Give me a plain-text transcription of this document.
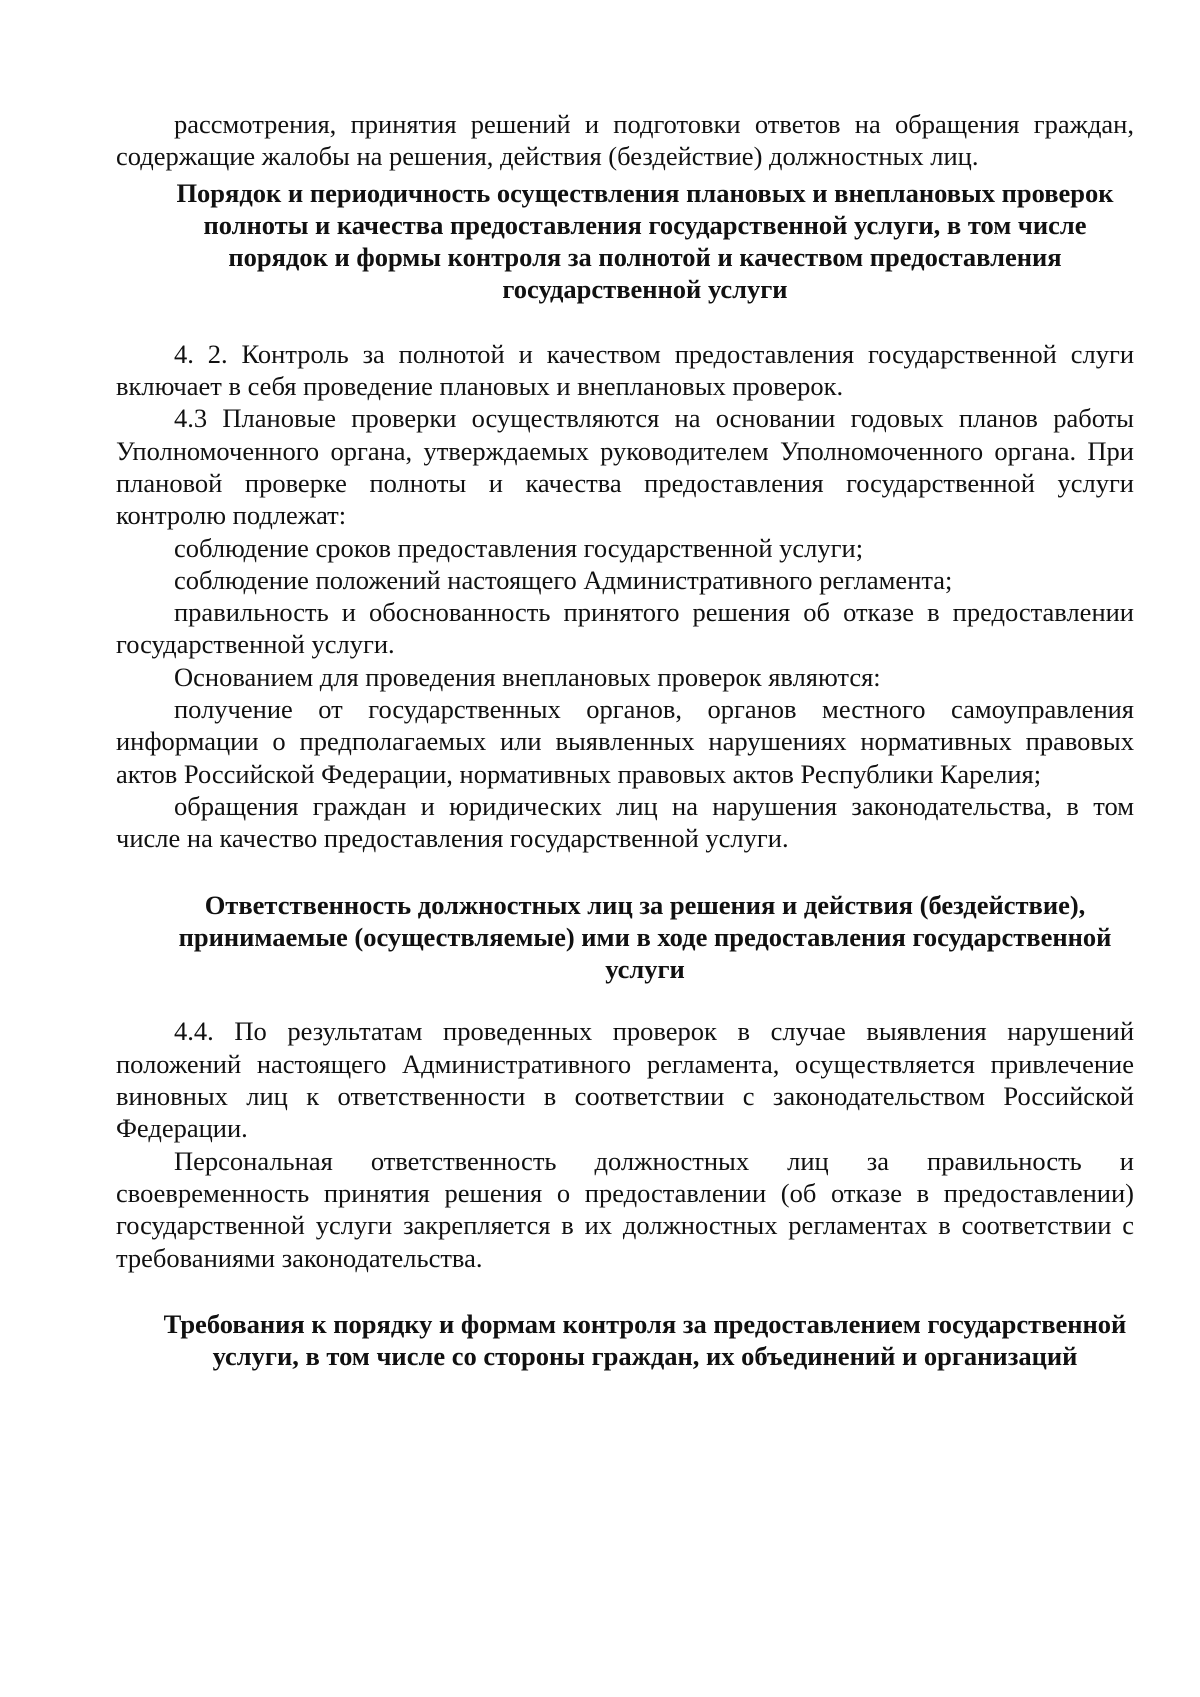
рассмотрения, принятия решений и подготовки ответов на обращения граждан, содержащие жалобы на решения, действия (бездействие) должностных лиц.

Порядок и периодичность осуществления плановых и внеплановых проверок полноты и качества предоставления государственной услуги, в том числе порядок и формы контроля за полнотой и качеством предоставления государственной услуги

4. 2. Контроль за полнотой и качеством предоставления государственной слуги включает в себя проведение плановых и внеплановых проверок.

4.3 Плановые проверки осуществляются на основании годовых планов работы Уполномоченного органа, утверждаемых руководителем Уполномоченного органа. При плановой проверке полноты и качества предоставления государственной услуги контролю подлежат:

соблюдение сроков предоставления государственной услуги;

соблюдение положений настоящего Административного регламента;

правильность и обоснованность принятого решения об отказе в предоставлении государственной услуги.

Основанием для проведения внеплановых проверок являются:

получение от государственных органов, органов местного самоуправления информации о предполагаемых или выявленных нарушениях нормативных правовых актов Российской Федерации, нормативных правовых актов Республики Карелия;

обращения граждан и юридических лиц на нарушения законодательства, в том числе на качество предоставления государственной услуги.

Ответственность должностных лиц за решения и действия (бездействие), принимаемые (осуществляемые) ими в ходе предоставления государственной услуги

4.4. По результатам проведенных проверок в случае выявления нарушений положений настоящего Административного регламента, осуществляется привлечение виновных лиц к ответственности в соответствии с законодательством Российской Федерации.

Персональная ответственность должностных лиц за правильность и своевременность принятия решения о предоставлении (об отказе в предоставлении) государственной услуги закрепляется в их должностных регламентах в соответствии с требованиями законодательства.

Требования к порядку и формам контроля за предоставлением государственной услуги, в том числе со стороны граждан, их объединений и организаций
